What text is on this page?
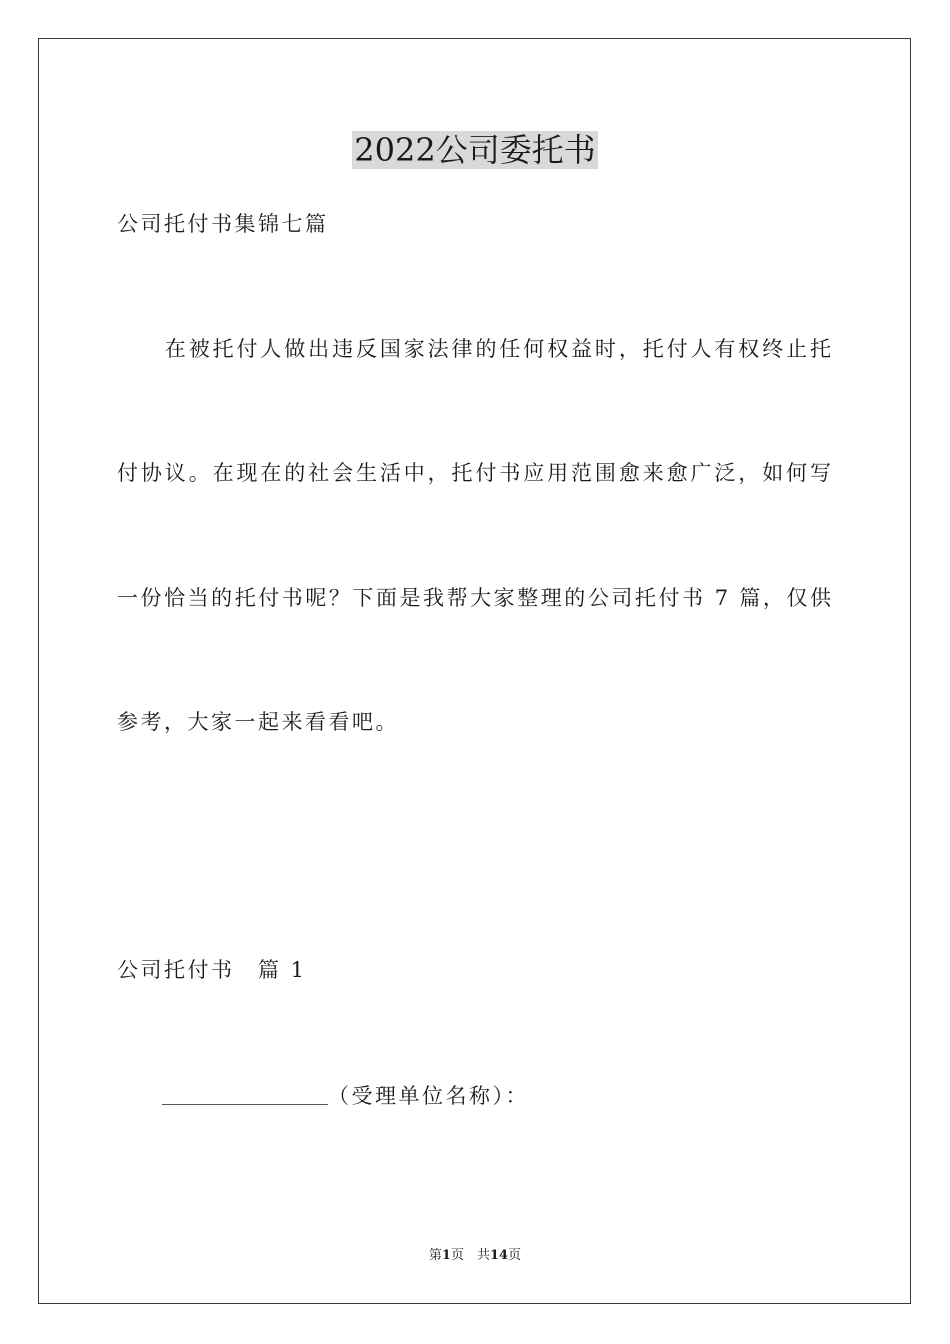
2022公司委托书
公司托付书集锦七篇
　　在被托付人做出违反国家法律的任何权益时，托付人有权终止托
付协议。在现在的社会生活中，托付书应用范围愈来愈广泛，如何写
一份恰当的托付书呢？下面是我帮大家整理的公司托付书 7 篇，仅供
参考，大家一起来看看吧。
公司托付书　篇 1
（受理单位名称）：
第1页　共14页
